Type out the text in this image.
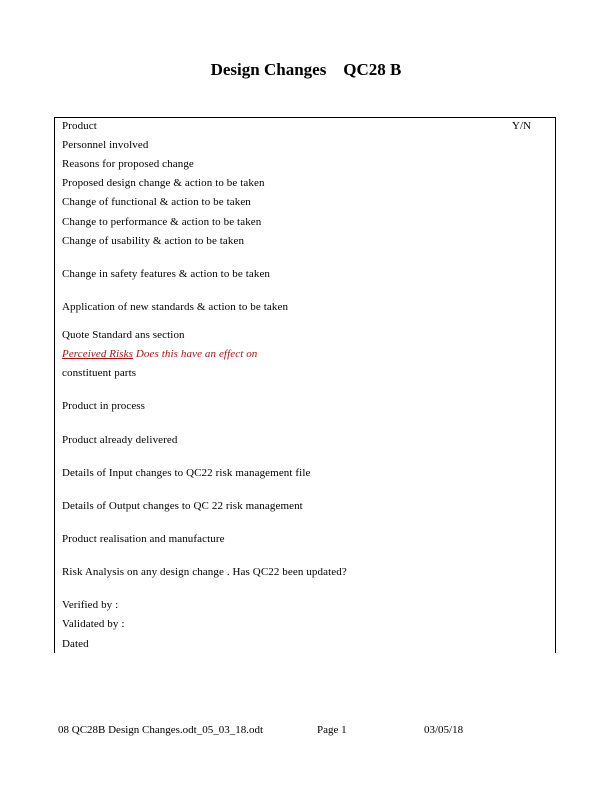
Design Changes    QC28 B
Product	Y/N
Personnel involved
Reasons for proposed change
Proposed design change & action to be taken
Change of functional & action to be taken
Change to performance & action to be taken
Change of usability & action to be taken
Change in safety features & action to be taken
Application of new standards & action to be taken
Quote Standard ans section
Perceived Risks Does this have an effect on
constituent parts
Product in process
Product already delivered
Details of Input changes to QC22 risk management file
Details of Output changes to QC 22 risk management
Product realisation and manufacture
Risk Analysis on any design change . Has QC22 been updated?
Verified by :
Validated by :
Dated
08 QC28B Design Changes.odt_05_03_18.odt	Page 1	03/05/18
